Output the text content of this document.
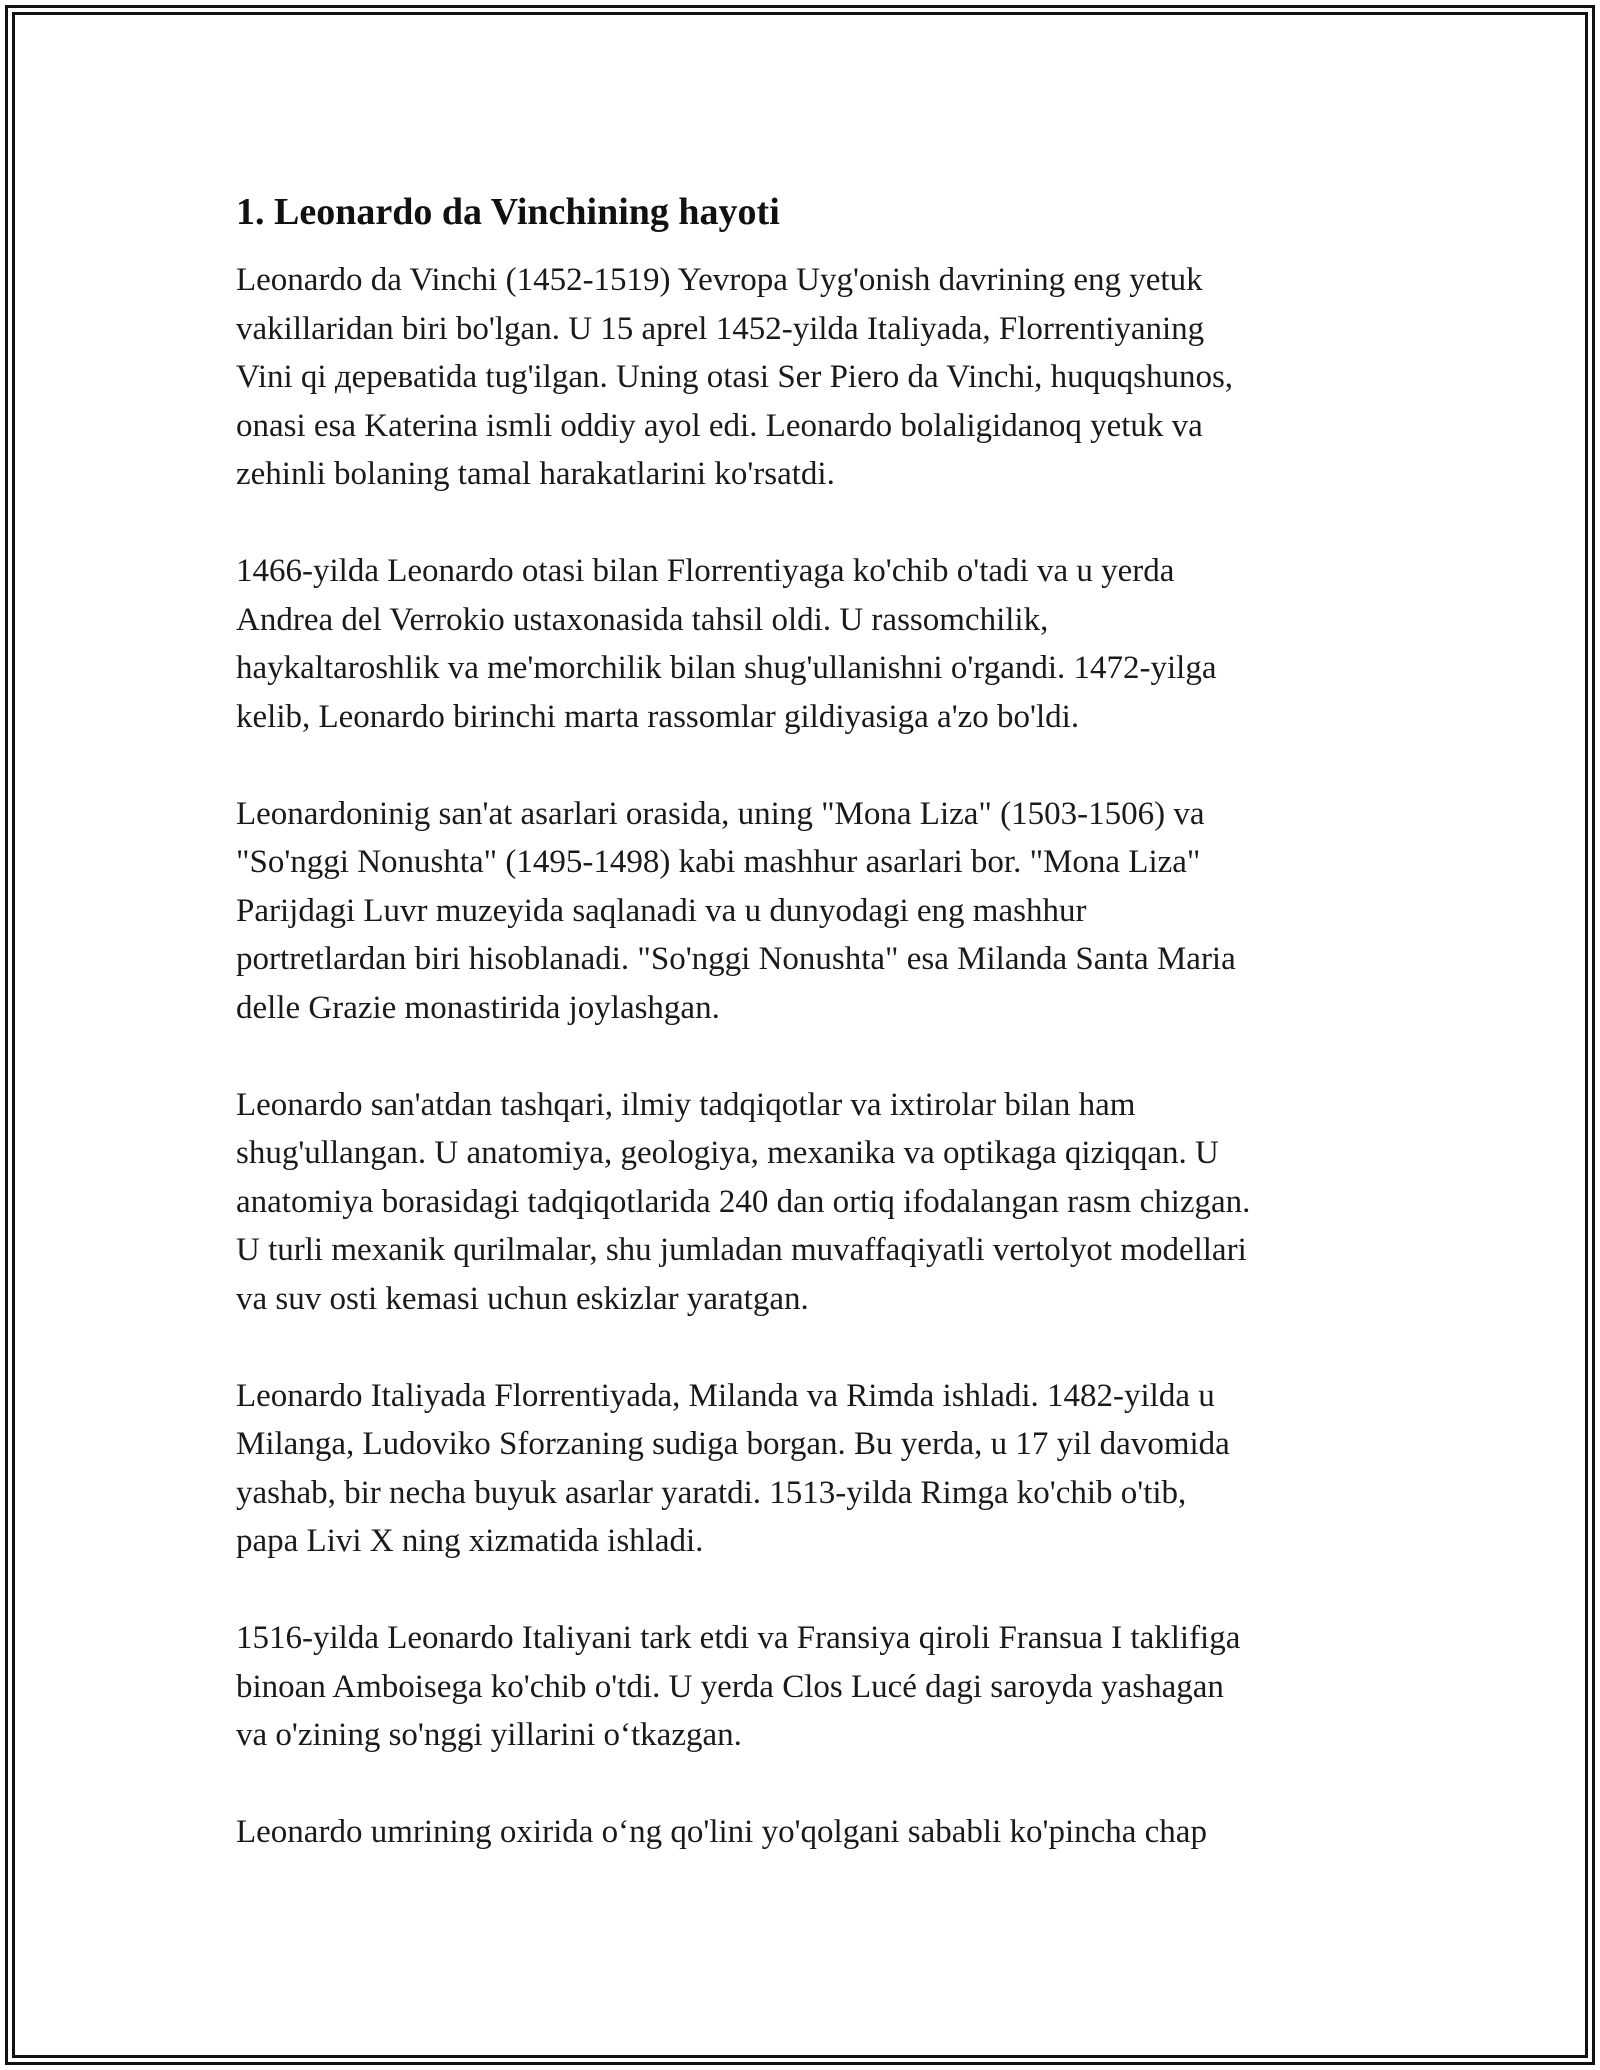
1. Leonardo da Vinchining hayoti

Leonardo da Vinchi (1452-1519) Yevropa Uyg'onish davrining eng yetuk
vakillaridan biri bo'lgan. U 15 aprel 1452-yilda Italiyada, Florrentiyaning
Vini qi деревatida tug'ilgan. Uning otasi Ser Piero da Vinchi, huquqshunos,
onasi esa Katerina ismli oddiy ayol edi. Leonardo bolaligidanoq yetuk va
zehinli bolaning tamal harakatlarini ko'rsatdi.

1466-yilda Leonardo otasi bilan Florrentiyaga ko'chib o'tadi va u yerda
Andrea del Verrokio ustaxonasida tahsil oldi. U rassomchilik,
haykaltaroshlik va me'morchilik bilan shug'ullanishni o'rgandi. 1472-yilga
kelib, Leonardo birinchi marta rassomlar gildiyasiga a'zo bo'ldi.

Leonardoninig san'at asarlari orasida, uning "Mona Liza" (1503-1506) va
"So'nggi Nonushta" (1495-1498) kabi mashhur asarlari bor. "Mona Liza"
Parijdagi Luvr muzeyida saqlanadi va u dunyodagi eng mashhur
portretlardan biri hisoblanadi. "So'nggi Nonushta" esa Milanda Santa Maria
delle Grazie monastirida joylashgan.

Leonardo san'atdan tashqari, ilmiy tadqiqotlar va ixtirolar bilan ham
shug'ullangan. U anatomiya, geologiya, mexanika va optikaga qiziqqan. U
anatomiya borasidagi tadqiqotlarida 240 dan ortiq ifodalangan rasm chizgan.
U turli mexanik qurilmalar, shu jumladan muvaffaqiyatli vertolyot modellari
va suv osti kemasi uchun eskizlar yaratgan.

Leonardo Italiyada Florrentiyada, Milanda va Rimda ishladi. 1482-yilda u
Milanga, Ludoviko Sforzaning sudiga borgan. Bu yerda, u 17 yil davomida
yashab, bir necha buyuk asarlar yaratdi. 1513-yilda Rimga ko'chib o'tib,
papa Livi X ning xizmatida ishladi.

1516-yilda Leonardo Italiyani tark etdi va Fransiya qiroli Fransua I taklifiga
binoan Amboisega ko'chib o'tdi. U yerda Clos Lucé dagi saroyda yashagan
va o'zining so'nggi yillarini o‘tkazgan.

Leonardo umrining oxirida o‘ng qo'lini yo'qolgani sababli ko'pincha chap
